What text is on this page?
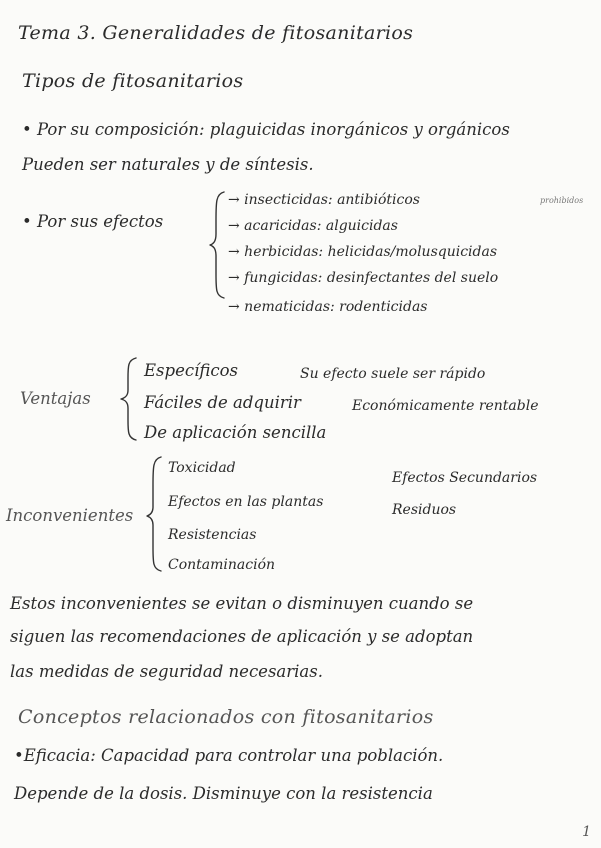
Tema 3. Generalidades de fitosanitarios
Tipos de fitosanitarios
• Por su composición: plaguicidas inorgánicos y orgánicos
Pueden ser naturales y de síntesis.
• Por sus efectos
→ insecticidas: antibióticos	prohibidos
→ acaricidas: alguicidas
→ herbicidas: helicidas/molusquicidas
→ fungicidas: desinfectantes del suelo
→ nematicidas: rodenticidas
Ventajas
Específicos
Fáciles de adquirir
De aplicación sencilla
Su efecto suele ser rápido
Económicamente rentable
Inconvenientes
Toxicidad
Efectos en las plantas
Resistencias
Contaminación
Efectos Secundarios
Residuos
Estos inconvenientes se evitan o disminuyen cuando se
siguen las recomendaciones de aplicación y se adoptan
las medidas de seguridad necesarias.
Conceptos relacionados con fitosanitarios
•Eficacia: Capacidad para controlar una población.
Depende de la dosis. Disminuye con la resistencia
1
